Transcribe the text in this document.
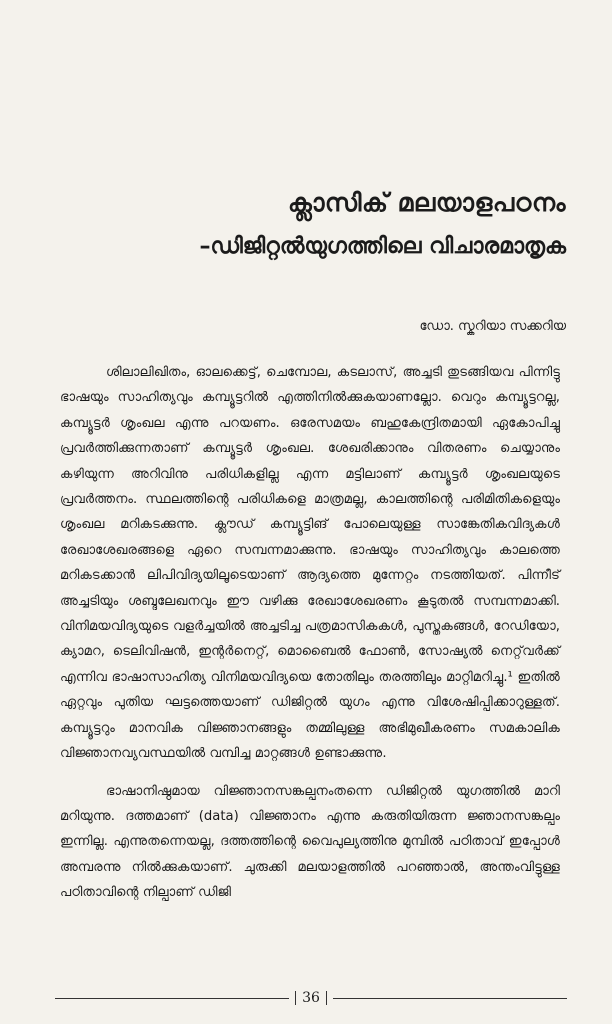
ക്ലാസിക് മലയാളപഠനം
–ഡിജിറ്റൽയുഗത്തിലെ വിചാരമാതൃക
ഡോ. സ്കറിയാ സക്കറിയ

ശിലാലിഖിതം, ഓലക്കെട്ട്, ചെമ്പോല, കടലാസ്, അച്ചടി തുടങ്ങിയവ പിന്നിട്ടു ഭാഷയും സാഹിത്യവും കമ്പ്യൂട്ടറിൽ എത്തിനിൽക്കുകയാണല്ലോ. വെറും കമ്പ്യൂട്ടറല്ല, കമ്പ്യൂട്ടർ ശൃംഖല എന്നു പറയണം. ഒരേസമയം ബഹുകേന്ദ്രിതമായി ഏകോപിച്ചു പ്രവർത്തിക്കുന്നതാണ് കമ്പ്യൂട്ടർ ശൃംഖല. ശേഖരിക്കാനും വിതരണം ചെയ്യാനും കഴിയുന്ന അറിവിനു പരിധികളില്ല എന്ന മട്ടിലാണ് കമ്പ്യൂട്ടർ ശൃംഖലയുടെ പ്രവർത്തനം. സ്ഥലത്തിന്റെ പരിധികളെ മാത്രമല്ല, കാലത്തിന്റെ പരിമിതികളെയും ശൃംഖല മറികടക്കുന്നു. ക്ലൗഡ് കമ്പ്യൂട്ടിങ് പോലെയുള്ള സാങ്കേതികവിദ്യകൾ രേഖാശേഖരങ്ങളെ ഏറെ സമ്പന്നമാക്കുന്നു. ഭാഷയും സാഹിത്യവും കാലത്തെ മറികടക്കാൻ ലിപിവിദ്യയിലൂടെയാണ് ആദ്യത്തെ മുന്നേറ്റം നടത്തിയത്. പിന്നീട് അച്ചടിയും ശബ്ദലേഖനവും ഈ വഴിക്കു രേഖാശേഖരണം കൂടുതൽ സമ്പന്നമാക്കി. വിനിമയവിദ്യയുടെ വളർച്ചയിൽ അച്ചടിച്ച പത്രമാസികകൾ, പുസ്തകങ്ങൾ, റേഡിയോ, ക്യാമറ, ടെലിവിഷൻ, ഇന്റർനെറ്റ്, മൊബൈൽ ഫോൺ, സോഷ്യൽ നെറ്റ്‌വർക്ക് എന്നിവ ഭാഷാസാഹിത്യ വിനിമയവിദ്യയെ തോതിലും തരത്തിലും മാറ്റിമറിച്ചു.¹ ഇതിൽ ഏറ്റവും പുതിയ ഘട്ടത്തെയാണ് ഡിജിറ്റൽ യുഗം എന്നു വിശേഷിപ്പിക്കാറുള്ളത്. കമ്പ്യൂട്ടറും മാനവിക വിജ്ഞാനങ്ങളും തമ്മിലുള്ള അഭിമുഖീകരണം സമകാലിക വിജ്ഞാനവ്യവസ്ഥയിൽ വമ്പിച്ച മാറ്റങ്ങൾ ഉണ്ടാക്കുന്നു.

ഭാഷാനിഷ്ഠമായ വിജ്ഞാനസങ്കല്പനംതന്നെ ഡിജിറ്റൽ യുഗത്തിൽ മാറി മറിയുന്നു. ദത്തമാണ് (data) വിജ്ഞാനം എന്നു കരുതിയിരുന്ന ജ്ഞാനസങ്കല്പം ഇന്നില്ല. എന്നുതന്നെയല്ല, ദത്തത്തിന്റെ വൈപുല്യത്തിനു മുമ്പിൽ പഠിതാവ് ഇപ്പോൾ അമ്പരന്നു നിൽക്കുകയാണ്. ചുരുക്കി മലയാളത്തിൽ പറഞ്ഞാൽ, അന്തംവിട്ടുള്ള പഠിതാവിന്റെ നില്പാണ് ഡിജി

36
